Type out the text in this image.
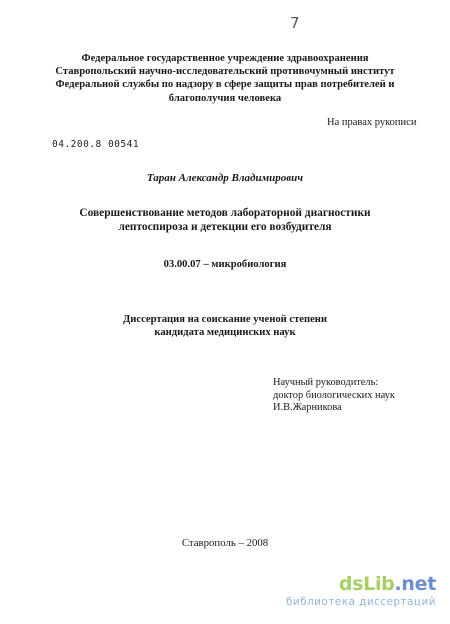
7
Федеральное государственное учреждение здравоохранения
Ставропольский научно-исследовательский противочумный институт
Федеральной службы по надзору в сфере защиты прав потребителей и
благополучия человека
На правах рукописи
04.200.8 00541
Таран Александр Владимирович
Совершенствование методов лабораторной диагностики
лептоспироза и детекции его возбудителя
03.00.07 – микробиология
Диссертация на соискание ученой степени
кандидата медицинских наук
Научный руководитель:
доктор биологических наук
И.В.Жарникова
Ставрополь – 2008
dsLib.net
библиотека диссертаций
